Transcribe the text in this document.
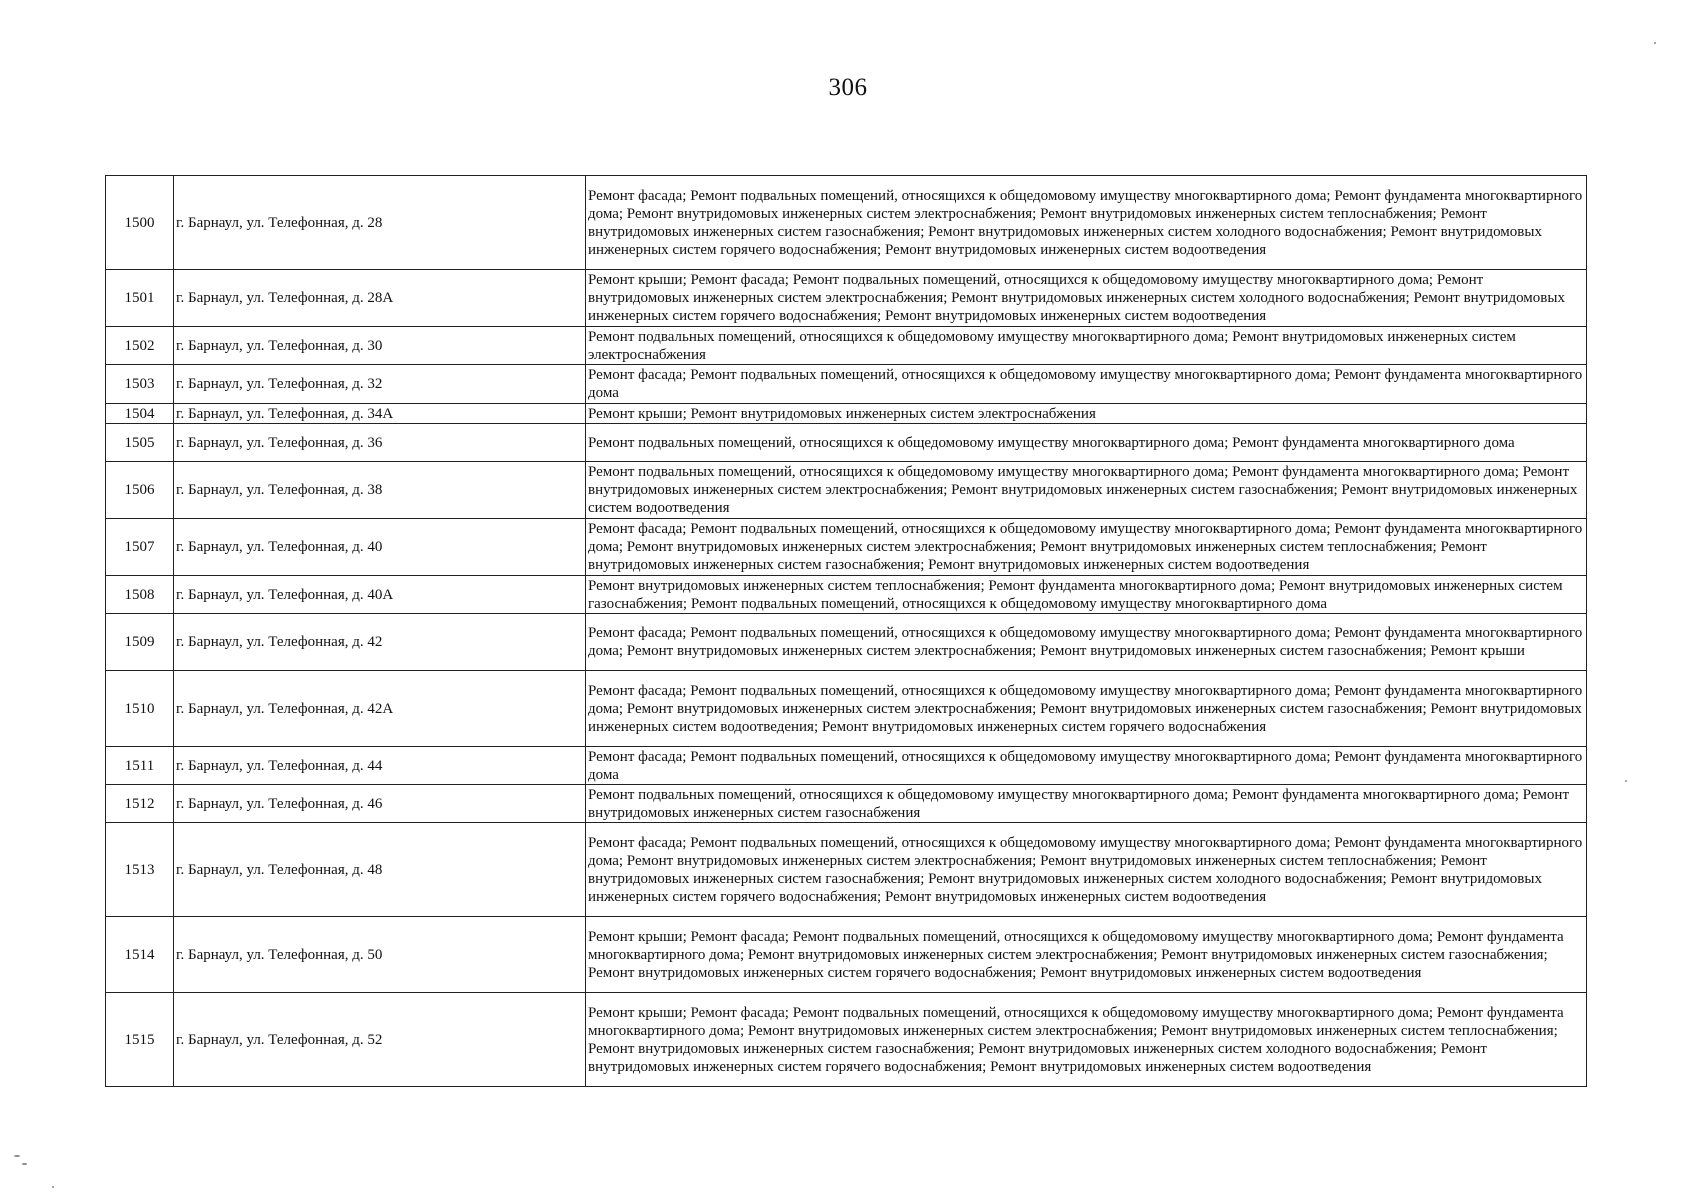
306
1500	г. Барнаул, ул. Телефонная, д. 28	Ремонт фасада; Ремонт подвальных помещений, относящихся к общедомовому имуществу многоквартирного дома; Ремонт фундамента многоквартирного дома; Ремонт внутридомовых инженерных систем электроснабжения; Ремонт внутридомовых инженерных систем теплоснабжения; Ремонт внутридомовых инженерных систем газоснабжения; Ремонт внутридомовых инженерных систем холодного водоснабжения; Ремонт внутридомовых инженерных систем горячего водоснабжения; Ремонт внутридомовых инженерных систем водоотведения
1501	г. Барнаул, ул. Телефонная, д. 28А	Ремонт крыши; Ремонт фасада; Ремонт подвальных помещений, относящихся к общедомовому имуществу многоквартирного дома; Ремонт внутридомовых инженерных систем электроснабжения; Ремонт внутридомовых инженерных систем холодного водоснабжения; Ремонт внутридомовых инженерных систем горячего водоснабжения; Ремонт внутридомовых инженерных систем водоотведения
1502	г. Барнаул, ул. Телефонная, д. 30	Ремонт подвальных помещений, относящихся к общедомовому имуществу многоквартирного дома; Ремонт внутридомовых инженерных систем электроснабжения
1503	г. Барнаул, ул. Телефонная, д. 32	Ремонт фасада; Ремонт подвальных помещений, относящихся к общедомовому имуществу многоквартирного дома; Ремонт фундамента многоквартирного дома
1504	г. Барнаул, ул. Телефонная, д. 34А	Ремонт крыши; Ремонт внутридомовых инженерных систем электроснабжения
1505	г. Барнаул, ул. Телефонная, д. 36	Ремонт подвальных помещений, относящихся к общедомовому имуществу многоквартирного дома; Ремонт фундамента многоквартирного дома
1506	г. Барнаул, ул. Телефонная, д. 38	Ремонт подвальных помещений, относящихся к общедомовому имуществу многоквартирного дома; Ремонт фундамента многоквартирного дома; Ремонт внутридомовых инженерных систем электроснабжения; Ремонт внутридомовых инженерных систем газоснабжения; Ремонт внутридомовых инженерных систем водоотведения
1507	г. Барнаул, ул. Телефонная, д. 40	Ремонт фасада; Ремонт подвальных помещений, относящихся к общедомовому имуществу многоквартирного дома; Ремонт фундамента многоквартирного дома; Ремонт внутридомовых инженерных систем электроснабжения; Ремонт внутридомовых инженерных систем теплоснабжения; Ремонт внутридомовых инженерных систем газоснабжения; Ремонт внутридомовых инженерных систем водоотведения
1508	г. Барнаул, ул. Телефонная, д. 40А	Ремонт внутридомовых инженерных систем теплоснабжения; Ремонт фундамента многоквартирного дома; Ремонт внутридомовых инженерных систем газоснабжения; Ремонт подвальных помещений, относящихся к общедомовому имуществу многоквартирного дома
1509	г. Барнаул, ул. Телефонная, д. 42	Ремонт фасада; Ремонт подвальных помещений, относящихся к общедомовому имуществу многоквартирного дома; Ремонт фундамента многоквартирного дома; Ремонт внутридомовых инженерных систем электроснабжения; Ремонт внутридомовых инженерных систем газоснабжения; Ремонт крыши
1510	г. Барнаул, ул. Телефонная, д. 42А	Ремонт фасада; Ремонт подвальных помещений, относящихся к общедомовому имуществу многоквартирного дома; Ремонт фундамента многоквартирного дома; Ремонт внутридомовых инженерных систем электроснабжения; Ремонт внутридомовых инженерных систем газоснабжения; Ремонт внутридомовых инженерных систем водоотведения; Ремонт внутридомовых инженерных систем горячего водоснабжения
1511	г. Барнаул, ул. Телефонная, д. 44	Ремонт фасада; Ремонт подвальных помещений, относящихся к общедомовому имуществу многоквартирного дома; Ремонт фундамента многоквартирного дома
1512	г. Барнаул, ул. Телефонная, д. 46	Ремонт подвальных помещений, относящихся к общедомовому имуществу многоквартирного дома; Ремонт фундамента многоквартирного дома; Ремонт внутридомовых инженерных систем газоснабжения
1513	г. Барнаул, ул. Телефонная, д. 48	Ремонт фасада; Ремонт подвальных помещений, относящихся к общедомовому имуществу многоквартирного дома; Ремонт фундамента многоквартирного дома; Ремонт внутридомовых инженерных систем электроснабжения; Ремонт внутридомовых инженерных систем теплоснабжения; Ремонт внутридомовых инженерных систем газоснабжения; Ремонт внутридомовых инженерных систем холодного водоснабжения; Ремонт внутридомовых инженерных систем горячего водоснабжения; Ремонт внутридомовых инженерных систем водоотведения
1514	г. Барнаул, ул. Телефонная, д. 50	Ремонт крыши; Ремонт фасада; Ремонт подвальных помещений, относящихся к общедомовому имуществу многоквартирного дома; Ремонт фундамента многоквартирного дома; Ремонт внутридомовых инженерных систем электроснабжения; Ремонт внутридомовых инженерных систем газоснабжения; Ремонт внутридомовых инженерных систем горячего водоснабжения; Ремонт внутридомовых инженерных систем водоотведения
1515	г. Барнаул, ул. Телефонная, д. 52	Ремонт крыши; Ремонт фасада; Ремонт подвальных помещений, относящихся к общедомовому имуществу многоквартирного дома; Ремонт фундамента многоквартирного дома; Ремонт внутридомовых инженерных систем электроснабжения; Ремонт внутридомовых инженерных систем теплоснабжения; Ремонт внутридомовых инженерных систем газоснабжения; Ремонт внутридомовых инженерных систем холодного водоснабжения; Ремонт внутридомовых инженерных систем горячего водоснабжения; Ремонт внутридомовых инженерных систем водоотведения
